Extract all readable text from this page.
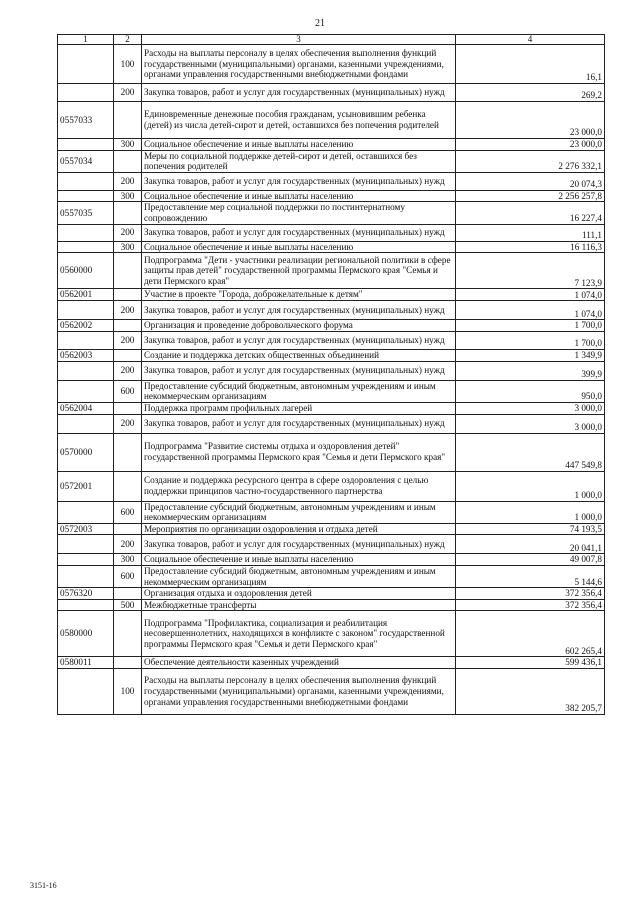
21
1	2	3	4
	100	Расходы на выплаты персоналу в целях обеспечения выполнения функций государственными (муниципальными) органами, казенными учреждениями, органами управления государственными внебюджетными фондами	16,1
	200	Закупка товаров, работ и услуг для государственных (муниципальных) нужд	269,2
0557033		Единовременные денежные пособия гражданам, усыновившим ребенка (детей) из числа детей-сирот и детей, оставшихся без попечения родителей	23 000,0
	300	Социальное обеспечение и иные выплаты населению	23 000,0
0557034		Меры по социальной поддержке детей-сирот и детей, оставшихся без попечения родителей	2 276 332,1
	200	Закупка товаров, работ и услуг для государственных (муниципальных) нужд	20 074,3
	300	Социальное обеспечение и иные выплаты населению	2 256 257,8
0557035		Предоставление мер социальной поддержки по постинтернатному сопровождению	16 227,4
	200	Закупка товаров, работ и услуг для государственных (муниципальных) нужд	111,1
	300	Социальное обеспечение и иные выплаты населению	16 116,3
0560000		Подпрограмма "Дети - участники реализации региональной политики в сфере защиты прав детей" государственной программы Пермского края "Семья и дети Пермского края"	7 123,9
0562001		Участие в проекте "Города, доброжелательные к детям"	1 074,0
	200	Закупка товаров, работ и услуг для государственных (муниципальных) нужд	1 074,0
0562002		Организация и проведение добровольческого форума	1 700,0
	200	Закупка товаров, работ и услуг для государственных (муниципальных) нужд	1 700,0
0562003		Создание и поддержка детских общественных объединений	1 349,9
	200	Закупка товаров, работ и услуг для государственных (муниципальных) нужд	399,9
	600	Предоставление субсидий бюджетным, автономным учреждениям и иным некоммерческим организациям	950,0
0562004		Поддержка программ профильных лагерей	3 000,0
	200	Закупка товаров, работ и услуг для государственных (муниципальных) нужд	3 000,0
0570000		Подпрограмма "Развитие системы отдыха и оздоровления детей" государственной программы Пермского края "Семья и дети Пермского края"	447 549,8
0572001		Создание и поддержка ресурсного центра в сфере оздоровления с целью поддержки принципов частно-государственного партнерства	1 000,0
	600	Предоставление субсидий бюджетным, автономным учреждениям и иным некоммерческим организациям	1 000,0
0572003		Мероприятия по организации оздоровления и отдыха детей	74 193,5
	200	Закупка товаров, работ и услуг для государственных (муниципальных) нужд	20 041,1
	300	Социальное обеспечение и иные выплаты населению	49 007,8
	600	Предоставление субсидий бюджетным, автономным учреждениям и иным некоммерческим организациям	5 144,6
0576320		Организация отдыха и оздоровления детей	372 356,4
	500	Межбюджетные трансферты	372 356,4
0580000		Подпрограмма "Профилактика, социализация и реабилитация несовершеннолетних, находящихся в конфликте с законом" государственной программы Пермского края "Семья и дети Пермского края"	602 265,4
0580011		Обеспечение деятельности казенных учреждений	599 436,1
	100	Расходы на выплаты персоналу в целях обеспечения выполнения функций государственными (муниципальными) органами, казенными учреждениями, органами управления государственными внебюджетными фондами	382 205,7
3151-16
